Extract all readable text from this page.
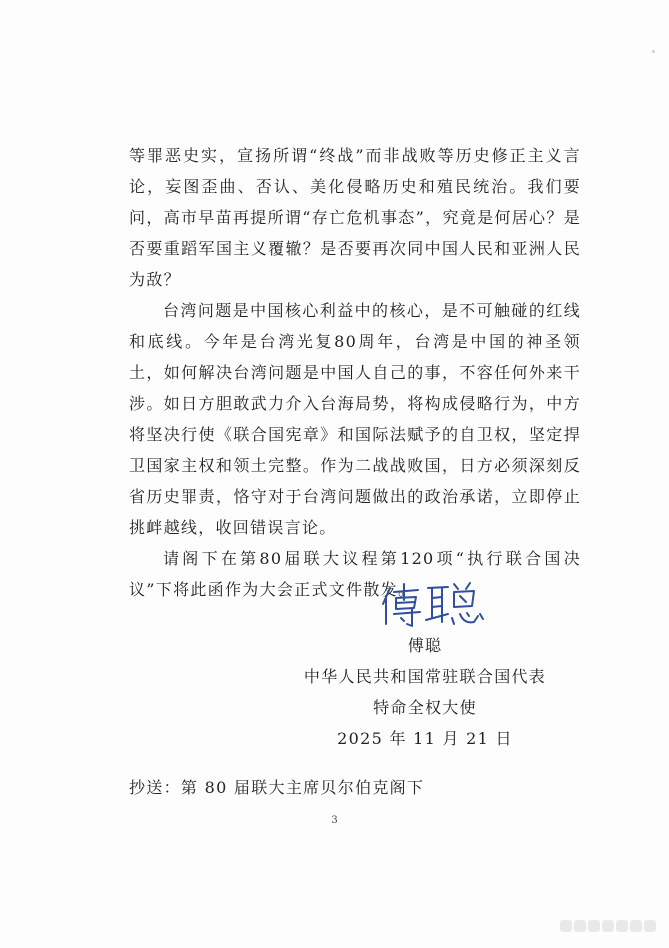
等罪恶史实，宣扬所谓“终战”而非战败等历史修正主义言论，妄图歪曲、否认、美化侵略历史和殖民统治。我们要问，高市早苗再提所谓“存亡危机事态”，究竟是何居心？是否要重蹈军国主义覆辙？是否要再次同中国人民和亚洲人民为敌？

台湾问题是中国核心利益中的核心，是不可触碰的红线和底线。今年是台湾光复80周年，台湾是中国的神圣领土，如何解决台湾问题是中国人自己的事，不容任何外来干涉。如日方胆敢武力介入台海局势，将构成侵略行为，中方将坚决行使《联合国宪章》和国际法赋予的自卫权，坚定捍卫国家主权和领土完整。作为二战战败国，日方必须深刻反省历史罪责，恪守对于台湾问题做出的政治承诺，立即停止挑衅越线，收回错误言论。

请阁下在第80届联大议程第120项“执行联合国决议”下将此函作为大会正式文件散发。

傅聪
中华人民共和国常驻联合国代表
特命全权大使
2025 年 11 月 21 日
抄送：第 80 届联大主席贝尔伯克阁下
3
